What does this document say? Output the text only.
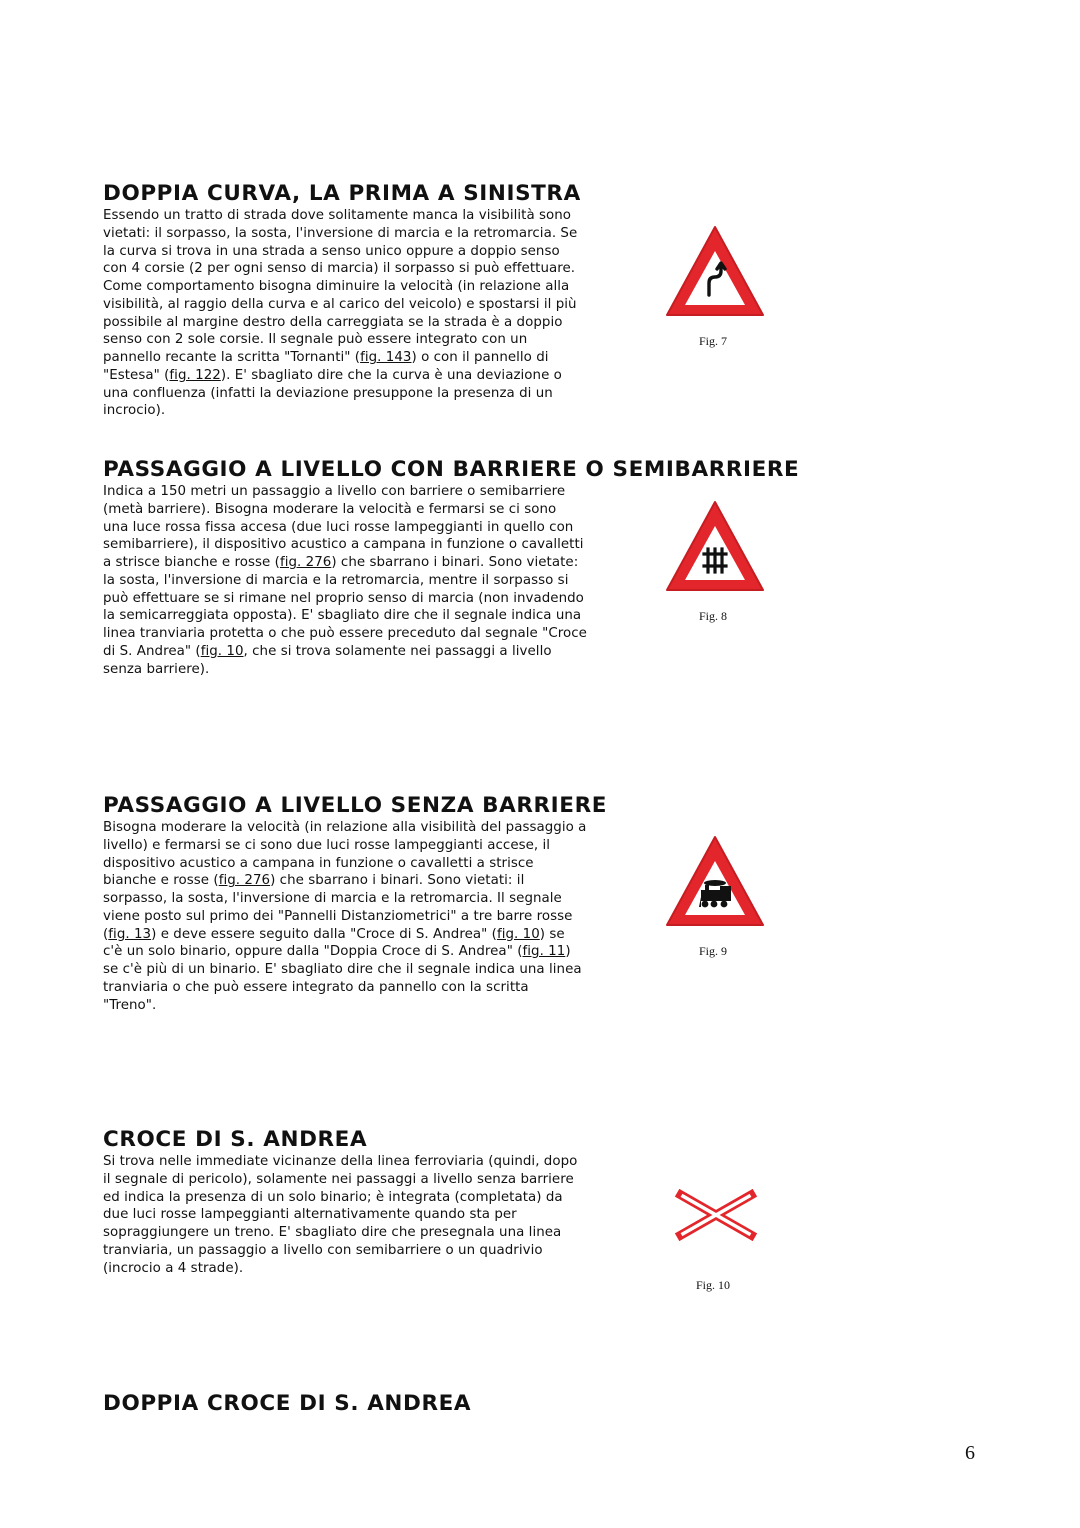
DOPPIA CURVA, LA PRIMA A SINISTRA
Essendo un tratto di strada dove solitamente manca la visibilità sono
vietati: il sorpasso, la sosta, l'inversione di marcia e la retromarcia. Se
la curva si trova in una strada a senso unico oppure a doppio senso
con 4 corsie (2 per ogni senso di marcia) il sorpasso si può effettuare.
Come comportamento bisogna diminuire la velocità (in relazione alla
visibilità, al raggio della curva e al carico del veicolo) e spostarsi il più
possibile al margine destro della carreggiata se la strada è a doppio
senso con 2 sole corsie. Il segnale può essere integrato con un
pannello recante la scritta "Tornanti" (fig. 143) o con il pannello di
"Estesa" (fig. 122). E' sbagliato dire che la curva è una deviazione o
una confluenza (infatti la deviazione presuppone la presenza di un
incrocio).
Fig. 7
PASSAGGIO A LIVELLO CON BARRIERE O SEMIBARRIERE
Indica a 150 metri un passaggio a livello con barriere o semibarriere
(metà barriere). Bisogna moderare la velocità e fermarsi se ci sono
una luce rossa fissa accesa (due luci rosse lampeggianti in quello con
semibarriere), il dispositivo acustico a campana in funzione o cavalletti
a strisce bianche e rosse (fig. 276) che sbarrano i binari. Sono vietate:
la sosta, l'inversione di marcia e la retromarcia, mentre il sorpasso si
può effettuare se si rimane nel proprio senso di marcia (non invadendo
la semicarreggiata opposta). E' sbagliato dire che il segnale indica una
linea tranviaria protetta o che può essere preceduto dal segnale "Croce
di S. Andrea" (fig. 10, che si trova solamente nei passaggi a livello
senza barriere).
Fig. 8
PASSAGGIO A LIVELLO SENZA BARRIERE
Bisogna moderare la velocità (in relazione alla visibilità del passaggio a
livello) e fermarsi se ci sono due luci rosse lampeggianti accese, il
dispositivo acustico a campana in funzione o cavalletti a strisce
bianche e rosse (fig. 276) che sbarrano i binari. Sono vietati: il
sorpasso, la sosta, l'inversione di marcia e la retromarcia. Il segnale
viene posto sul primo dei "Pannelli Distanziometrici" a tre barre rosse
(fig. 13) e deve essere seguito dalla "Croce di S. Andrea" (fig. 10) se
c'è un solo binario, oppure dalla "Doppia Croce di S. Andrea" (fig. 11)
se c'è più di un binario. E' sbagliato dire che il segnale indica una linea
tranviaria o che può essere integrato da pannello con la scritta
"Treno".
Fig. 9
CROCE DI S. ANDREA
Si trova nelle immediate vicinanze della linea ferroviaria (quindi, dopo
il segnale di pericolo), solamente nei passaggi a livello senza barriere
ed indica la presenza di un solo binario; è integrata (completata) da
due luci rosse lampeggianti alternativamente quando sta per
sopraggiungere un treno. E' sbagliato dire che presegnala una linea
tranviaria, un passaggio a livello con semibarriere o un quadrivio
(incrocio a 4 strade).
Fig. 10
DOPPIA CROCE DI S. ANDREA
6
